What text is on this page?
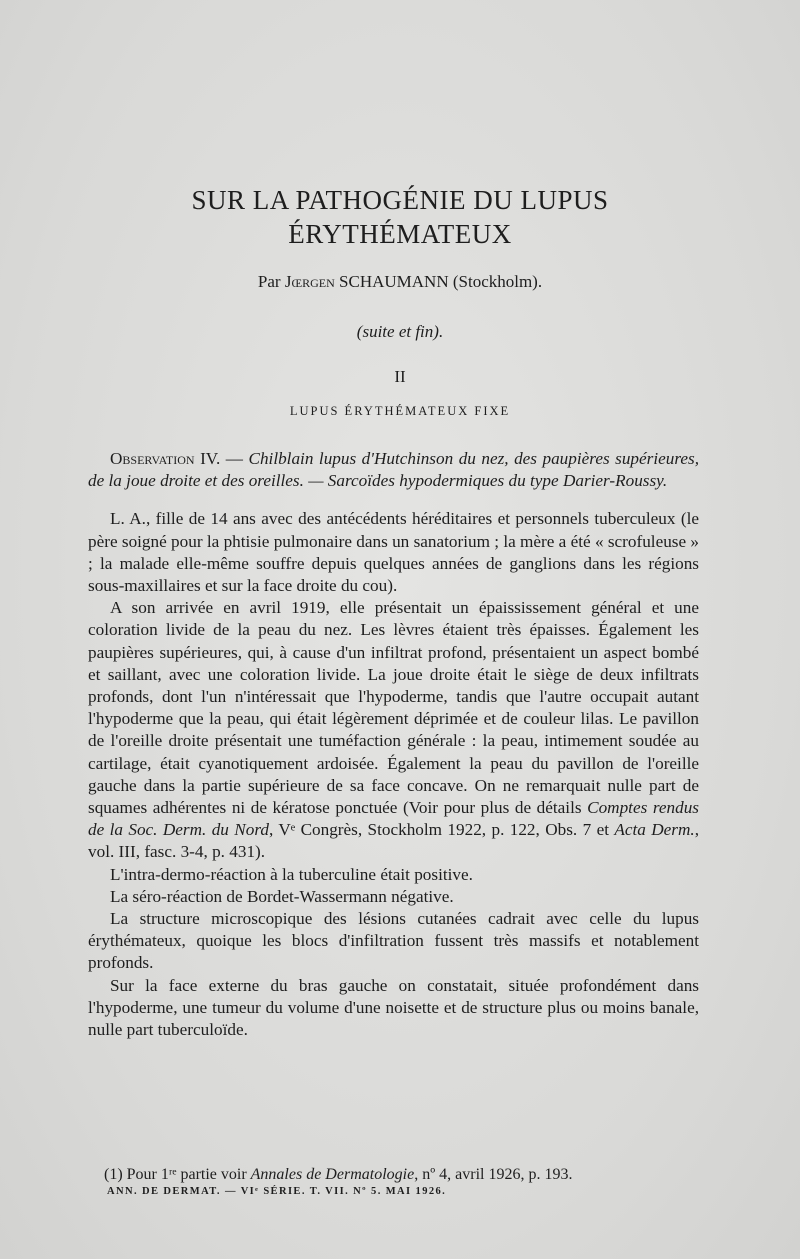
SUR LA PATHOGÉNIE DU LUPUS
ÉRYTHÉMATEUX
Par Jœrgen SCHAUMANN (Stockholm).
(suite et fin).
II
LUPUS ÉRYTHÉMATEUX FIXE

Observation IV. — Chilblain lupus d'Hutchinson du nez, des paupières supérieures, de la joue droite et des oreilles. — Sarcoïdes hypodermiques du type Darier-Roussy.

L. A., fille de 14 ans avec des antécédents héréditaires et personnels tuberculeux (le père soigné pour la phtisie pulmonaire dans un sanatorium ; la mère a été « scrofuleuse » ; la malade elle-même souffre depuis quelques années de ganglions dans les régions sous-maxillaires et sur la face droite du cou).

A son arrivée en avril 1919, elle présentait un épaississement général et une coloration livide de la peau du nez. Les lèvres étaient très épaisses. Également les paupières supérieures, qui, à cause d'un infiltrat profond, présentaient un aspect bombé et saillant, avec une coloration livide. La joue droite était le siège de deux infiltrats profonds, dont l'un n'intéressait que l'hypoderme, tandis que l'autre occupait autant l'hypoderme que la peau, qui était légèrement déprimée et de couleur lilas. Le pavillon de l'oreille droite présentait une tuméfaction générale : la peau, intimement soudée au cartilage, était cyanotiquement ardoisée. Également la peau du pavillon de l'oreille gauche dans la partie supérieure de sa face concave. On ne remarquait nulle part de squames adhérentes ni de kératose ponctuée (Voir pour plus de détails Comptes rendus de la Soc. Derm. du Nord, Vᵉ Congrès, Stockholm 1922, p. 122, Obs. 7 et Acta Derm., vol. III, fasc. 3-4, p. 431).

L'intra-dermo-réaction à la tuberculine était positive.

La séro-réaction de Bordet-Wassermann négative.

La structure microscopique des lésions cutanées cadrait avec celle du lupus érythémateux, quoique les blocs d'infiltration fussent très massifs et notablement profonds.

Sur la face externe du bras gauche on constatait, située profondément dans l'hypoderme, une tumeur du volume d'une noisette et de structure plus ou moins banale, nulle part tuberculoïde.

(1) Pour 1ʳᵉ partie voir Annales de Dermatologie, nº 4, avril 1926, p. 193.
ANN. DE DERMAT. — VIᵉ SÉRIE. T. VII. Nº 5. MAI 1926.
